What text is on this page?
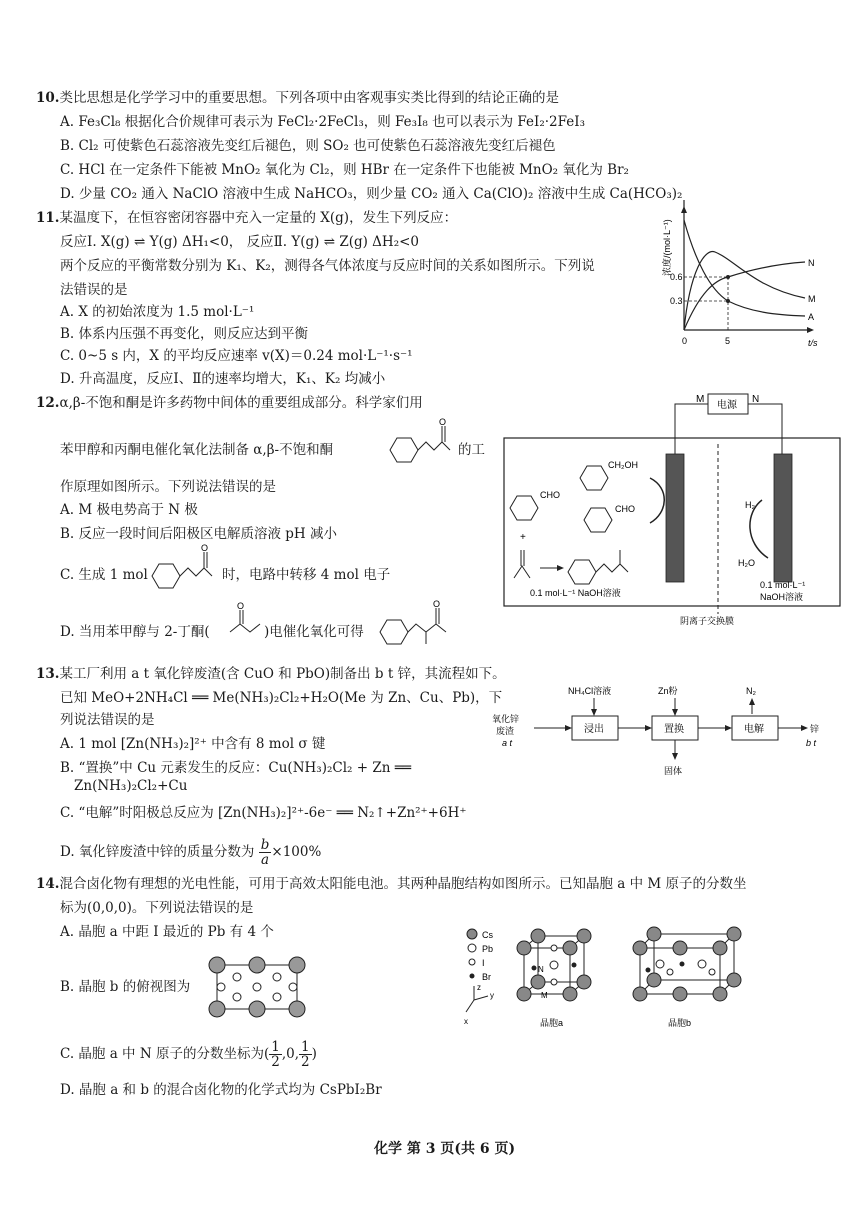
10.类比思想是化学学习中的重要思想。下列各项中由客观事实类比得到的结论正确的是
A. Fe₃Cl₈ 根据化合价规律可表示为 FeCl₂·2FeCl₃，则 Fe₃I₈ 也可以表示为 FeI₂·2FeI₃
B. Cl₂ 可使紫色石蕊溶液先变红后褪色，则 SO₂ 也可使紫色石蕊溶液先变红后褪色
C. HCl 在一定条件下能被 MnO₂ 氧化为 Cl₂，则 HBr 在一定条件下也能被 MnO₂ 氧化为 Br₂
D. 少量 CO₂ 通入 NaClO 溶液中生成 NaHCO₃，则少量 CO₂ 通入 Ca(ClO)₂ 溶液中生成 Ca(HCO₃)₂
11.某温度下，在恒容密闭容器中充入一定量的 X(g)，发生下列反应：
反应Ⅰ. X(g) ⇌ Y(g) ΔH₁<0， 反应Ⅱ. Y(g) ⇌ Z(g) ΔH₂<0
两个反应的平衡常数分别为 K₁、K₂，测得各气体浓度与反应时间的关系如图所示。下列说
法错误的是
A. X 的初始浓度为 1.5 mol·L⁻¹
B. 体系内压强不再变化，则反应达到平衡
C. 0~5 s 内，X 的平均反应速率 v(X)＝0.24 mol·L⁻¹·s⁻¹
D. 升高温度，反应Ⅰ、Ⅱ的速率均增大，K₁、K₂ 均减小
浓度/(mol·L⁻¹)
t/s
0.6
0.3
0	5
N
M
A
12.α,β-不饱和酮是许多药物中间体的重要组成部分。科学家们用
苯甲醇和丙酮电催化氧化法制备 α,β-不饱和酮
O
的工
作原理如图所示。下列说法错误的是
A. M 极电势高于 N 极
B. 反应一段时间后阳极区电解质溶液 pH 减小
C. 生成 1 mol
O
时，电路中转移 4 mol 电子
D. 当用苯甲醇与 2-丁酮(
O
)电催化氧化可得
O
M	N
电源
CH₂OH
CHO
+
CHO	H₂
H₂O
0.1 mol·L⁻¹ NaOH溶液
0.1 mol·L⁻¹
NaOH溶液
阴离子交换膜
13.某工厂利用 a t 氧化锌废渣(含 CuO 和 PbO)制备出 b t 锌，其流程如下。
已知 MeO+2NH₄Cl ══ Me(NH₃)₂Cl₂+H₂O(Me 为 Zn、Cu、Pb)，下
列说法错误的是
A. 1 mol [Zn(NH₃)₂]²⁺ 中含有 8 mol σ 键
B. “置换”中 Cu 元素发生的反应：Cu(NH₃)₂Cl₂ + Zn ══
Zn(NH₃)₂Cl₂+Cu
C. “电解”时阳极总反应为 [Zn(NH₃)₂]²⁺-6e⁻ ══ N₂↑+Zn²⁺+6H⁺
D. 氧化锌废渣中锌的质量分数为 $\frac{b}{a} \times 100\%$
NH₄Cl溶液	Zn粉	N₂
氧化锌
废渣
a t
浸出	置换
固体
电解	锌
b t
14.混合卤化物有理想的光电性能，可用于高效太阳能电池。其两种晶胞结构如图所示。已知晶胞 a 中 M 原子的分数坐
标为(0,0,0)。下列说法错误的是
A. 晶胞 a 中距 I 最近的 Pb 有 4 个
B. 晶胞 b 的俯视图为
C. 晶胞 a 中 N 原子的分数坐标为( $\frac{1}{2} ,0$, $\frac{1}{2}$ )
D. 晶胞 a 和 b 的混合卤化物的化学式均为 CsPbI₂Br
Cs
Pb
I
Br
z
y
x
N
M
晶胞a	晶胞b
化学 第 3 页(共 6 页)
